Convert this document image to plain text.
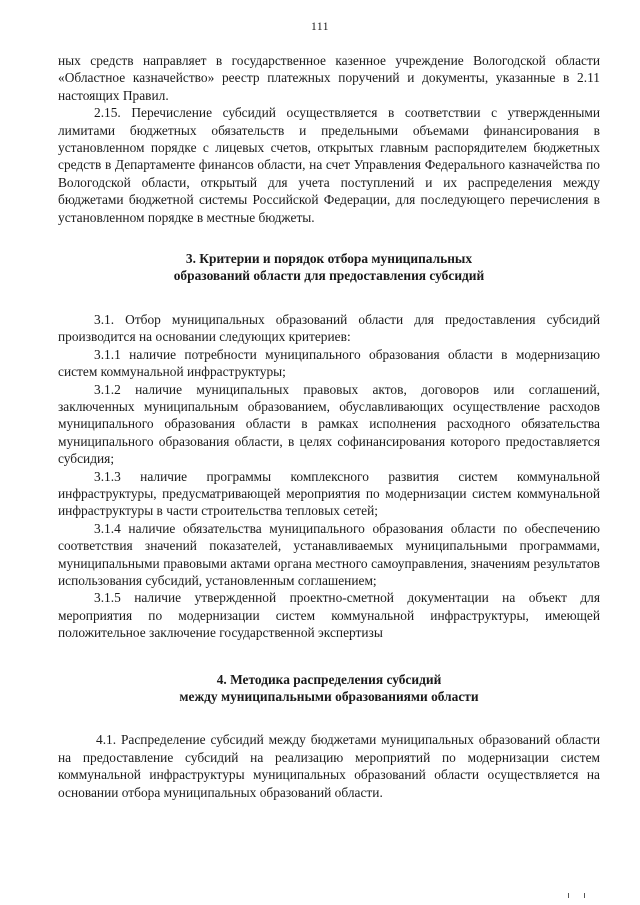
111

ных средств направляет в государственное казенное учреждение Вологодской области «Областное казначейство» реестр платежных поручений и документы, указанные в 2.11 настоящих Правил.

2.15. Перечисление субсидий осуществляется в соответствии с утвержденными лимитами бюджетных обязательств и предельными объемами финансирования в установленном порядке с лицевых счетов, открытых главным распорядителем бюджетных средств в Департаменте финансов области, на счет Управления Федерального казначейства по Вологодской области, открытый для учета поступлений и их распределения между бюджетами бюджетной системы Российской Федерации, для последующего перечисления в установленном порядке в местные бюджеты.

3. Критерии и порядок отбора муниципальных

образований области для предоставления субсидий

3.1. Отбор муниципальных образований области для предоставления субсидий производится на основании следующих критериев:

3.1.1 наличие потребности муниципального образования области в модернизацию систем коммунальной инфраструктуры;

3.1.2 наличие муниципальных правовых актов, договоров или соглашений, заключенных муниципальным образованием, обуславливающих осуществление расходов муниципального образования области в рамках исполнения расходного обязательства муниципального образования области, в целях софинансирования которого предоставляется субсидия;

3.1.3 наличие программы комплексного развития систем коммунальной инфраструктуры, предусматривающей мероприятия по модернизации систем коммунальной инфраструктуры в части строительства тепловых сетей;

3.1.4 наличие обязательства муниципального образования области по обеспечению соответствия значений показателей, устанавливаемых муниципальными программами, муниципальными правовыми актами органа местного самоуправления, значениям результатов использования субсидий, установленным соглашением;

3.1.5 наличие утвержденной проектно-сметной документации на объект для мероприятия по модернизации систем коммунальной инфраструктуры, имеющей положительное заключение государственной экспертизы

4. Методика распределения субсидий

между муниципальными образованиями области

4.1. Распределение субсидий между бюджетами муниципальных образований области на предоставление субсидий на реализацию мероприятий по модернизации систем коммунальной инфраструктуры муниципальных образований области осуществляется на основании отбора муниципальных образований области.
